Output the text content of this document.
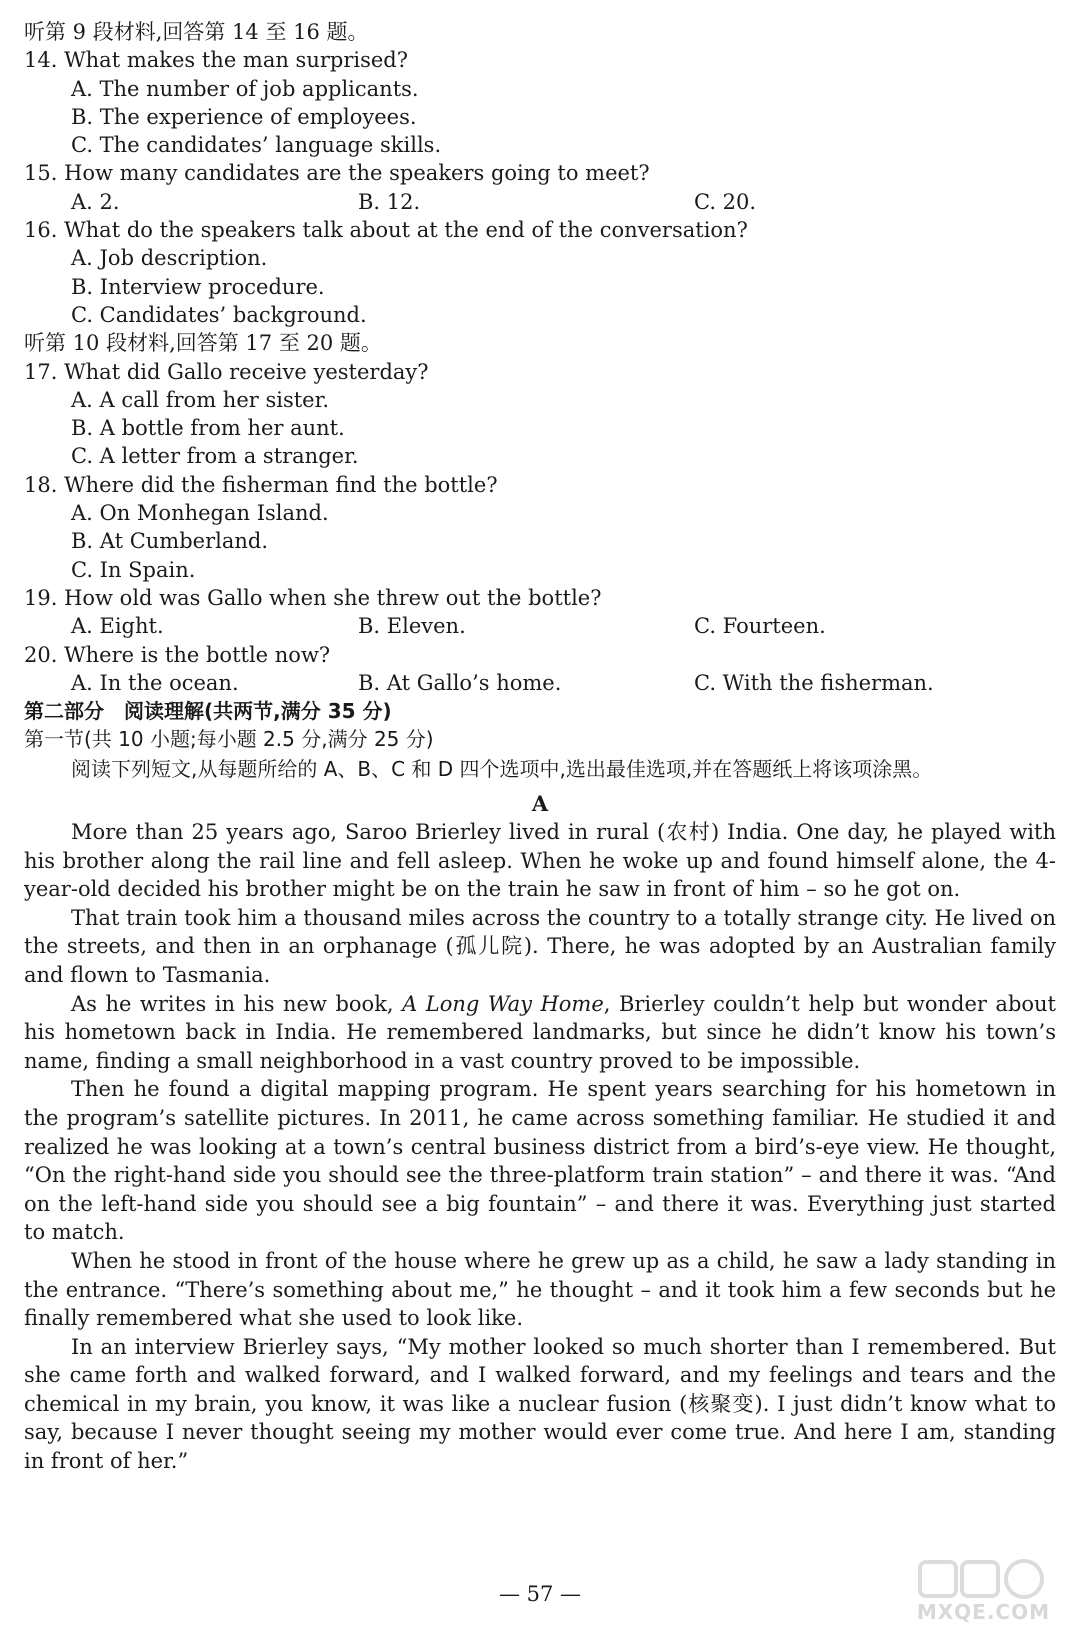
听第 9 段材料,回答第 14 至 16 题。
14. What makes the man surprised?
A. The number of job applicants.
B. The experience of employees.
C. The candidates’ language skills.
15. How many candidates are the speakers going to meet?
A. 2.	B. 12.	C. 20.
16. What do the speakers talk about at the end of the conversation?
A. Job description.
B. Interview procedure.
C. Candidates’ background.
听第 10 段材料,回答第 17 至 20 题。
17. What did Gallo receive yesterday?
A. A call from her sister.
B. A bottle from her aunt.
C. A letter from a stranger.
18. Where did the fisherman find the bottle?
A. On Monhegan Island.
B. At Cumberland.
C. In Spain.
19. How old was Gallo when she threw out the bottle?
A. Eight.	B. Eleven.	C. Fourteen.
20. Where is the bottle now?
A. In the ocean.	B. At Gallo’s home.	C. With the fisherman.
第二部分　阅读理解(共两节,满分 35 分)
第一节(共 10 小题;每小题 2.5 分,满分 25 分)
阅读下列短文,从每题所给的 A、B、C 和 D 四个选项中,选出最佳选项,并在答题纸上将该项涂黑。
A

More than 25 years ago, Saroo Brierley lived in rural (农村) India. One day, he played with his brother along the rail line and fell asleep. When he woke up and found himself alone, the 4-year-old decided his brother might be on the train he saw in front of him – so he got on.

That train took him a thousand miles across the country to a totally strange city. He lived on the streets, and then in an orphanage (孤儿院). There, he was adopted by an Australian family and flown to Tasmania.

As he writes in his new book, A Long Way Home, Brierley couldn’t help but wonder about his hometown back in India. He remembered landmarks, but since he didn’t know his town’s name, finding a small neighborhood in a vast country proved to be impossible.

Then he found a digital mapping program. He spent years searching for his hometown in the program’s satellite pictures. In 2011, he came across something familiar. He studied it and realized he was looking at a town’s central business district from a bird’s-eye view. He thought, “On the right-hand side you should see the three-platform train station” – and there it was. “And on the left-hand side you should see a big fountain” – and there it was. Everything just started to match.

When he stood in front of the house where he grew up as a child, he saw a lady standing in the entrance. “There’s something about me,” he thought – and it took him a few seconds but he finally remembered what she used to look like.

In an interview Brierley says, “My mother looked so much shorter than I remembered. But she came forth and walked forward, and I walked forward, and my feelings and tears and the chemical in my brain, you know, it was like a nuclear fusion (核聚变). I just didn’t know what to say, because I never thought seeing my mother would ever come true. And here I am, standing in front of her.”

— 57 —
MXQE.COM
